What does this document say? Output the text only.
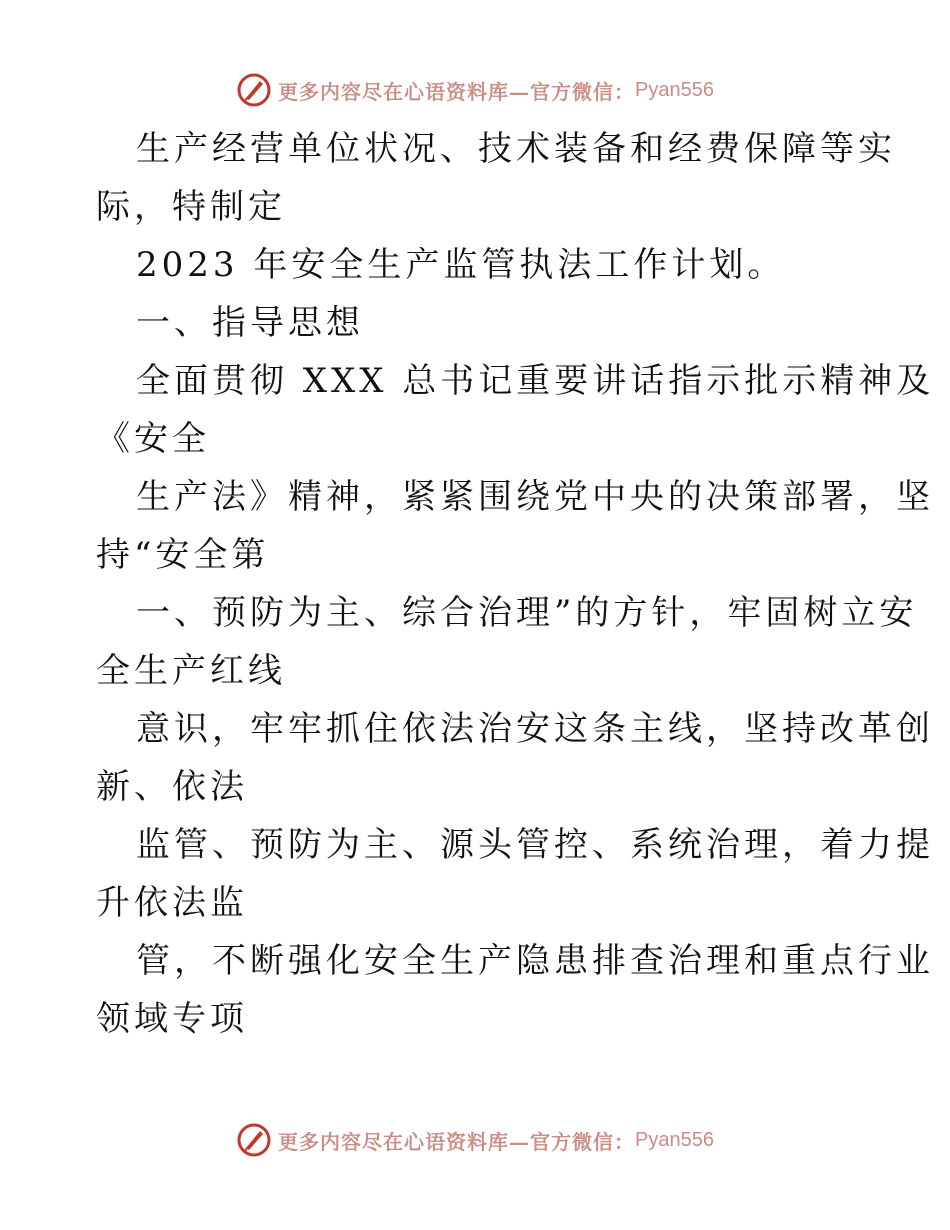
更多内容尽在心语资料库—官方微信： Pyan556
生产经营单位状况、技术装备和经费保障等实
际，特制定
2023 年安全生产监管执法工作计划。
一、指导思想
全面贯彻 XXX 总书记重要讲话指示批示精神及
《安全
生产法》精神，紧紧围绕党中央的决策部署，坚
持“安全第
一、预防为主、综合治理”的方针，牢固树立安
全生产红线
意识，牢牢抓住依法治安这条主线，坚持改革创
新、依法
监管、预防为主、源头管控、系统治理，着力提
升依法监
管，不断强化安全生产隐患排查治理和重点行业
领域专项
更多内容尽在心语资料库—官方微信： Pyan556
